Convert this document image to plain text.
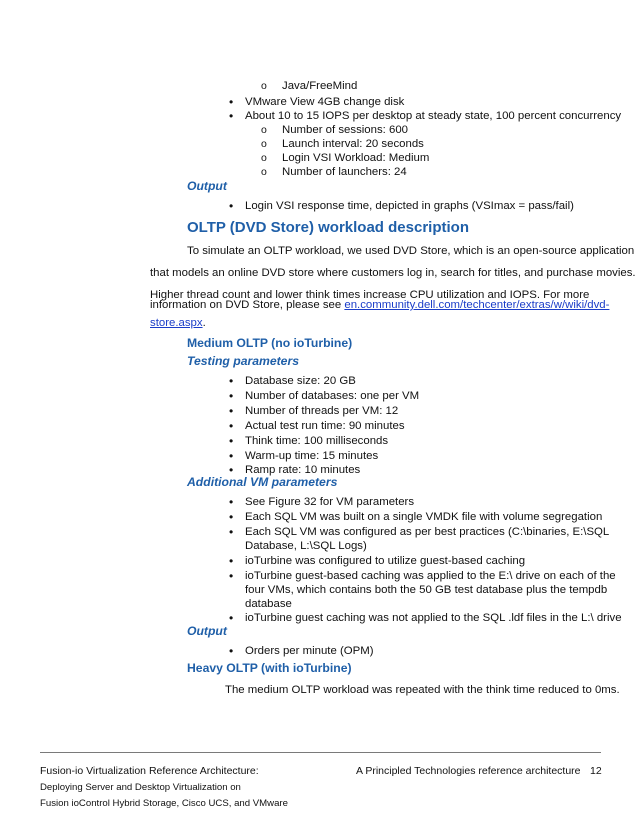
o Java/FreeMind
• VMware View 4GB change disk
• About 10 to 15 IOPS per desktop at steady state, 100 percent concurrency
o Number of sessions: 600
o Launch interval: 20 seconds
o Login VSI Workload: Medium
o Number of launchers: 24
Output
• Login VSI response time, depicted in graphs (VSImax = pass/fail)
OLTP (DVD Store) workload description
To simulate an OLTP workload, we used DVD Store, which is an open-source application
that models an online DVD store where customers log in, search for titles, and purchase movies.
Higher thread count and lower think times increase CPU utilization and IOPS. For more
information on DVD Store, please see en.community.dell.com/techcenter/extras/w/wiki/dvd-
store.aspx.
Medium OLTP (no ioTurbine)
Testing parameters
• Database size: 20 GB
• Number of databases: one per VM
• Number of threads per VM: 12
• Actual test run time: 90 minutes
• Think time: 100 milliseconds
• Warm-up time: 15 minutes
• Ramp rate: 10 minutes
Additional VM parameters
• See Figure 32 for VM parameters
• Each SQL VM was built on a single VMDK file with volume segregation
• Each SQL VM was configured as per best practices (C:\binaries, E:\SQL
Database, L:\SQL Logs)
• ioTurbine was configured to utilize guest-based caching
• ioTurbine guest-based caching was applied to the E:\ drive on each of the
four VMs, which contains both the 50 GB test database plus the tempdb
database
• ioTurbine guest caching was not applied to the SQL .ldf files in the L:\ drive
Output
• Orders per minute (OPM)
Heavy OLTP (with ioTurbine)
The medium OLTP workload was repeated with the think time reduced to 0ms.
Fusion-io Virtualization Reference Architecture:
Deploying Server and Desktop Virtualization on
Fusion ioControl Hybrid Storage, Cisco UCS, and VMware
A Principled Technologies reference architecture 12
